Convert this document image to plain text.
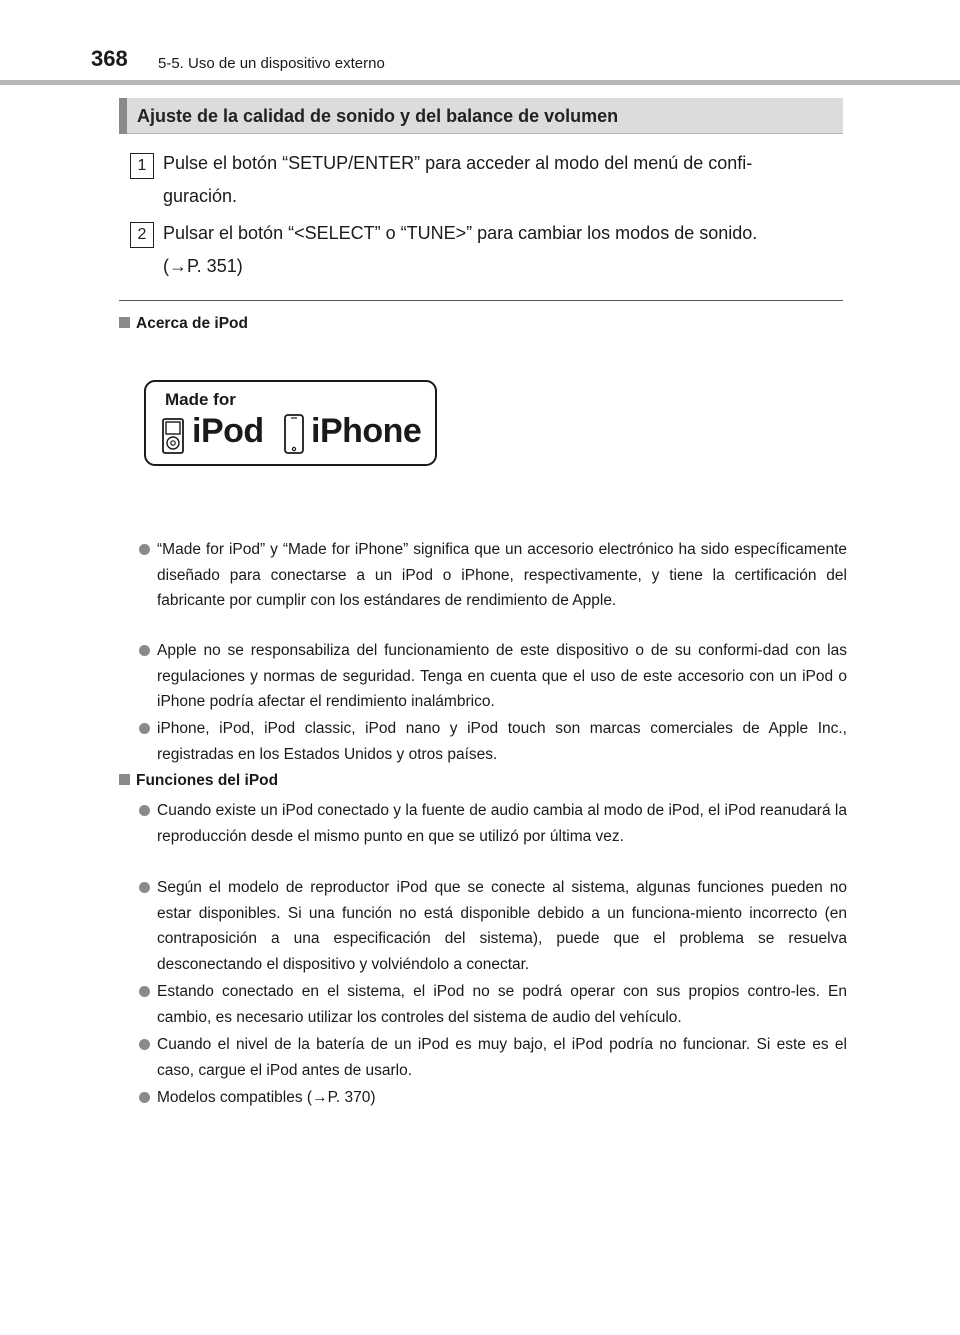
368 5-5. Uso de un dispositivo externo
Ajuste de la calidad de sonido y del balance de volumen
1 Pulse el botón “SETUP/ENTER” para acceder al modo del menú de confi-
guración.
2 Pulsar el botón “<SELECT” o “TUNE>” para cambiar los modos de sonido.
(→P. 351)
Acerca de iPod
Made for
iPod iPhone
“Made for iPod” y “Made for iPhone” significa que un accesorio electrónico ha sido específicamente diseñado para conectarse a un iPod o iPhone, respectivamente, y tiene la certificación del fabricante por cumplir con los estándares de rendimiento de Apple.
Apple no se responsabiliza del funcionamiento de este dispositivo o de su conformi-dad con las regulaciones y normas de seguridad. Tenga en cuenta que el uso de este accesorio con un iPod o iPhone podría afectar el rendimiento inalámbrico.
iPhone, iPod, iPod classic, iPod nano y iPod touch son marcas comerciales de Apple Inc., registradas en los Estados Unidos y otros países.
Funciones del iPod
Cuando existe un iPod conectado y la fuente de audio cambia al modo de iPod, el iPod reanudará la reproducción desde el mismo punto en que se utilizó por última vez.
Según el modelo de reproductor iPod que se conecte al sistema, algunas funciones pueden no estar disponibles. Si una función no está disponible debido a un funciona-miento incorrecto (en contraposición a una especificación del sistema), puede que el problema se resuelva desconectando el dispositivo y volviéndolo a conectar.
Estando conectado en el sistema, el iPod no se podrá operar con sus propios contro-les. En cambio, es necesario utilizar los controles del sistema de audio del vehículo.
Cuando el nivel de la batería de un iPod es muy bajo, el iPod podría no funcionar. Si este es el caso, cargue el iPod antes de usarlo.
Modelos compatibles (→P. 370)
